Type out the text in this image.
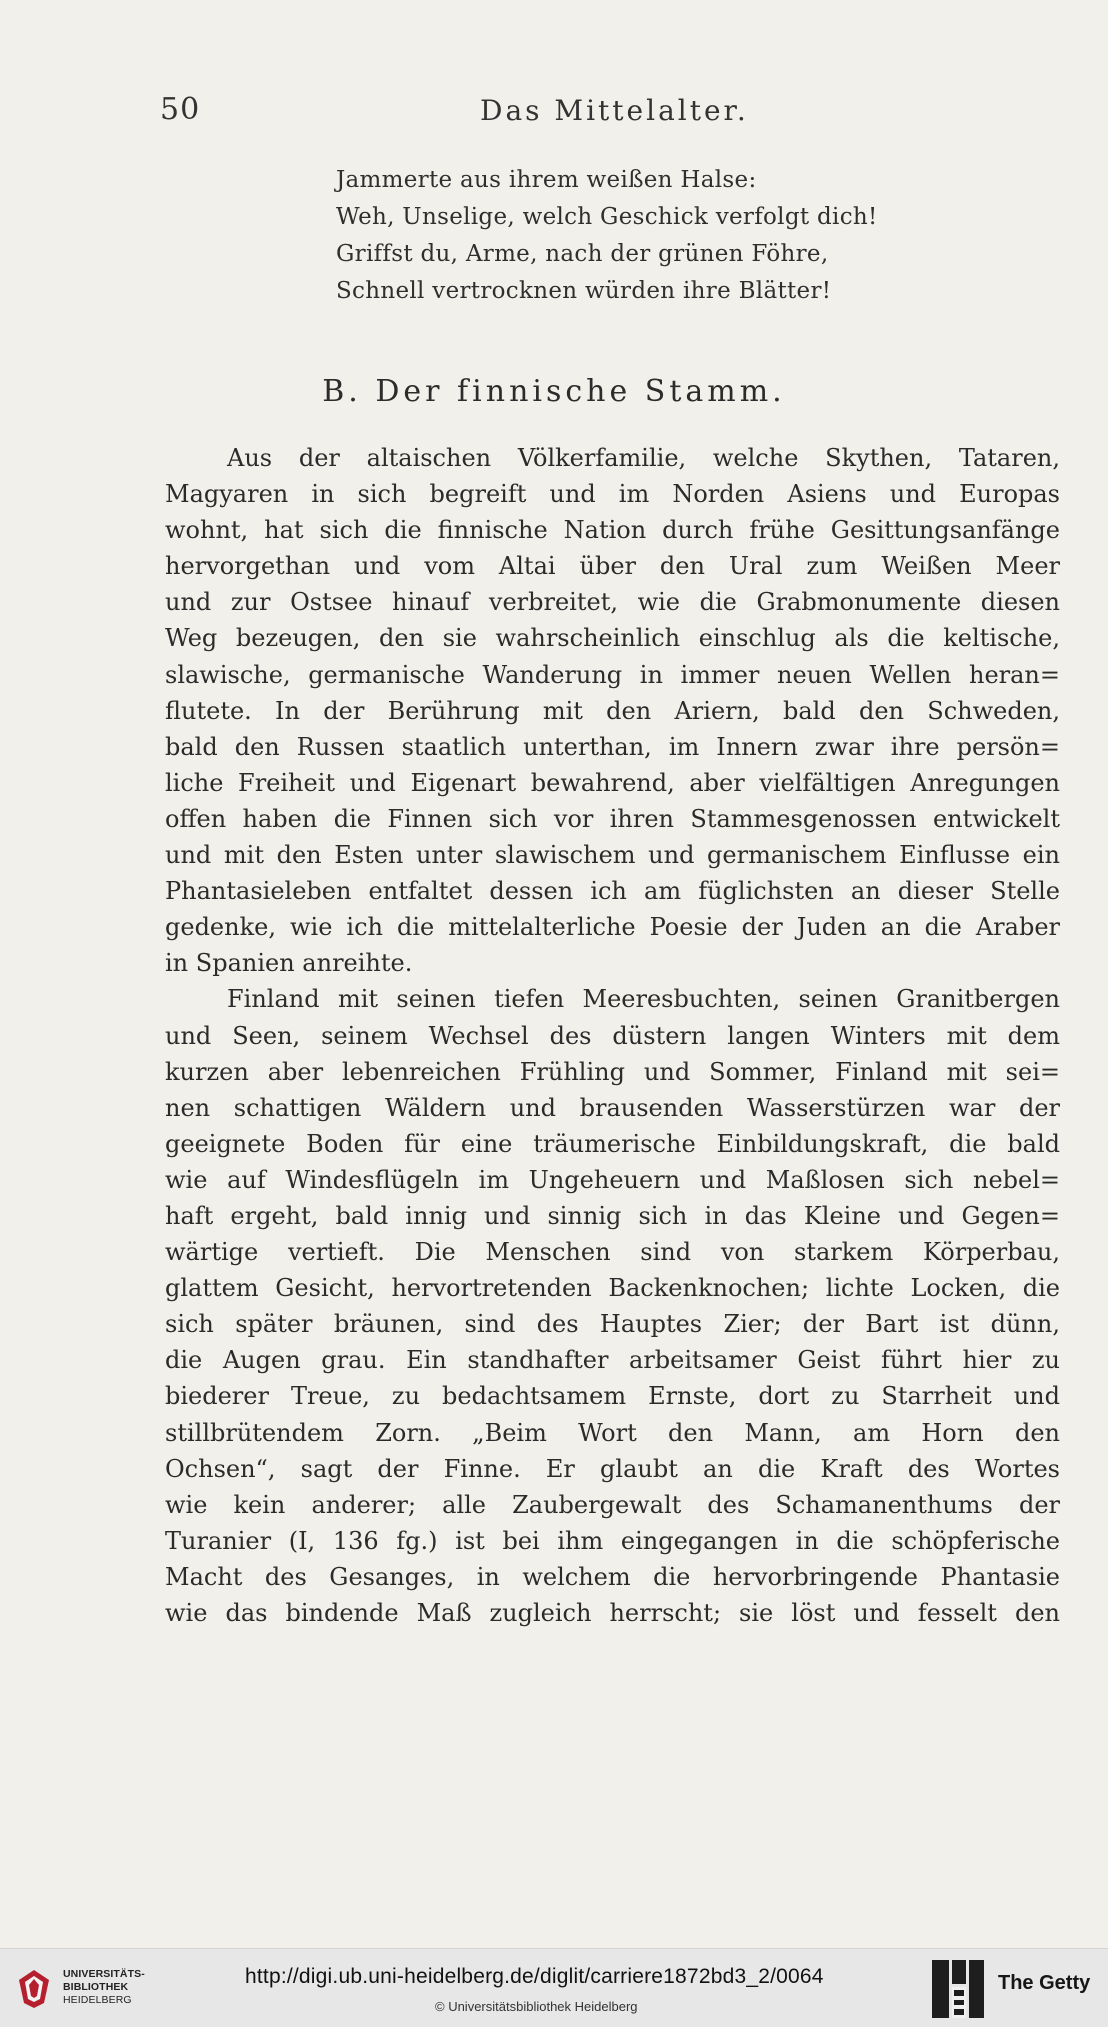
50	Das Mittelalter.
Jammerte aus ihrem weißen Halse:
Weh, Unselige, welch Geschick verfolgt dich!
Griffst du, Arme, nach der grünen Föhre,
Schnell vertrocknen würden ihre Blätter!
B. Der finnische Stamm.
Aus der altaischen Völkerfamilie, welche Skythen, Tataren,
Magyaren in sich begreift und im Norden Asiens und Europas
wohnt, hat sich die finnische Nation durch frühe Gesittungsanfänge
hervorgethan und vom Altai über den Ural zum Weißen Meer
und zur Ostsee hinauf verbreitet, wie die Grabmonumente diesen
Weg bezeugen, den sie wahrscheinlich einschlug als die keltische,
slawische, germanische Wanderung in immer neuen Wellen heran=
flutete. In der Berührung mit den Ariern, bald den Schweden,
bald den Russen staatlich unterthan, im Innern zwar ihre persön=
liche Freiheit und Eigenart bewahrend, aber vielfältigen Anregungen
offen haben die Finnen sich vor ihren Stammesgenossen entwickelt
und mit den Esten unter slawischem und germanischem Einflusse ein
Phantasieleben entfaltet dessen ich am füglichsten an dieser Stelle
gedenke, wie ich die mittelalterliche Poesie der Juden an die Araber
in Spanien anreihte.
Finland mit seinen tiefen Meeresbuchten, seinen Granitbergen
und Seen, seinem Wechsel des düstern langen Winters mit dem
kurzen aber lebenreichen Frühling und Sommer, Finland mit sei=
nen schattigen Wäldern und brausenden Wasserstürzen war der
geeignete Boden für eine träumerische Einbildungskraft, die bald
wie auf Windesflügeln im Ungeheuern und Maßlosen sich nebel=
haft ergeht, bald innig und sinnig sich in das Kleine und Gegen=
wärtige vertieft. Die Menschen sind von starkem Körperbau,
glattem Gesicht, hervortretenden Backenknochen; lichte Locken, die
sich später bräunen, sind des Hauptes Zier; der Bart ist dünn,
die Augen grau. Ein standhafter arbeitsamer Geist führt hier zu
biederer Treue, zu bedachtsamem Ernste, dort zu Starrheit und
stillbrütendem Zorn. „Beim Wort den Mann, am Horn den
Ochsen“, sagt der Finne. Er glaubt an die Kraft des Wortes
wie kein anderer; alle Zaubergewalt des Schamanenthums der
Turanier (I, 136 fg.) ist bei ihm eingegangen in die schöpferische
Macht des Gesanges, in welchem die hervorbringende Phantasie
wie das bindende Maß zugleich herrscht; sie löst und fesselt den
UNIVERSITÄTS-
BIBLIOTHEK
HEIDELBERG
http://digi.ub.uni-heidelberg.de/diglit/carriere1872bd3_2/0064
© Universitätsbibliothek Heidelberg
The Getty
